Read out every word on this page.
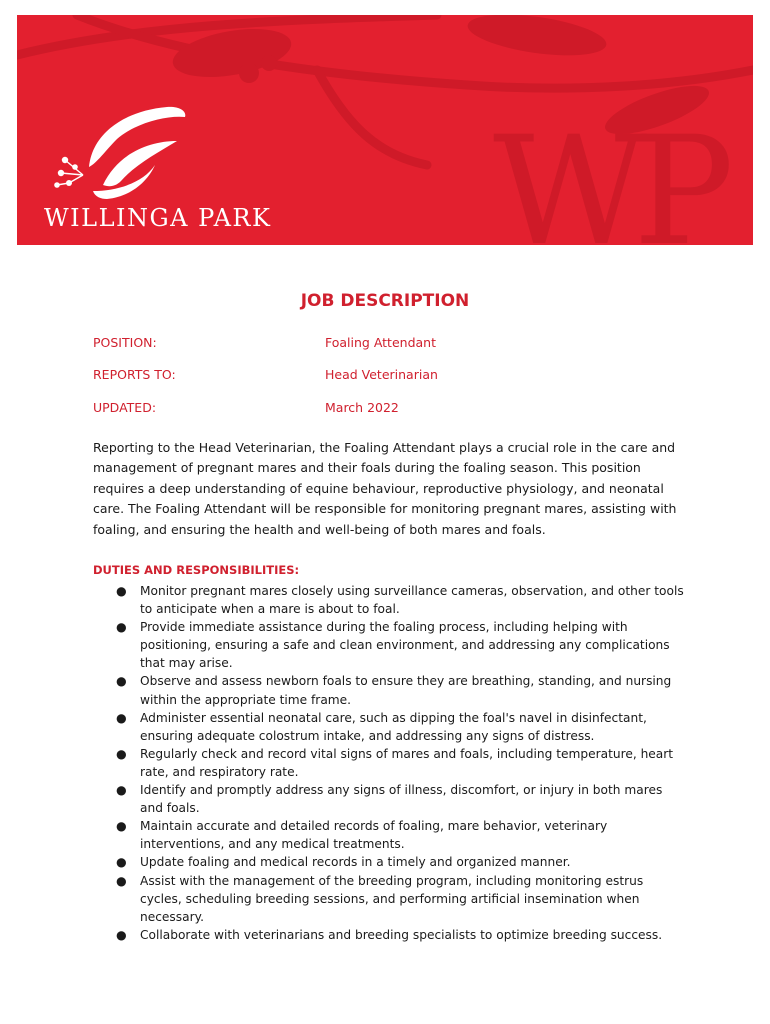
WP
WILLINGA PARK
JOB DESCRIPTION
POSITION:	Foaling Attendant
REPORTS TO:	Head Veterinarian
UPDATED:	March 2022

Reporting to the Head Veterinarian, the Foaling Attendant plays a crucial role in the care and management of pregnant mares and their foals during the foaling season. This position requires a deep understanding of equine behaviour, reproductive physiology, and neonatal care. The Foaling Attendant will be responsible for monitoring pregnant mares, assisting with foaling, and ensuring the health and well-being of both mares and foals.

DUTIES AND RESPONSIBILITIES:
● Monitor pregnant mares closely using surveillance cameras, observation, and other tools to anticipate when a mare is about to foal.
● Provide immediate assistance during the foaling process, including helping with positioning, ensuring a safe and clean environment, and addressing any complications that may arise.
● Observe and assess newborn foals to ensure they are breathing, standing, and nursing within the appropriate time frame.
● Administer essential neonatal care, such as dipping the foal's navel in disinfectant, ensuring adequate colostrum intake, and addressing any signs of distress.
● Regularly check and record vital signs of mares and foals, including temperature, heart rate, and respiratory rate.
● Identify and promptly address any signs of illness, discomfort, or injury in both mares and foals.
● Maintain accurate and detailed records of foaling, mare behavior, veterinary interventions, and any medical treatments.
● Update foaling and medical records in a timely and organized manner.
● Assist with the management of the breeding program, including monitoring estrus cycles, scheduling breeding sessions, and performing artificial insemination when necessary.
● Collaborate with veterinarians and breeding specialists to optimize breeding success.
